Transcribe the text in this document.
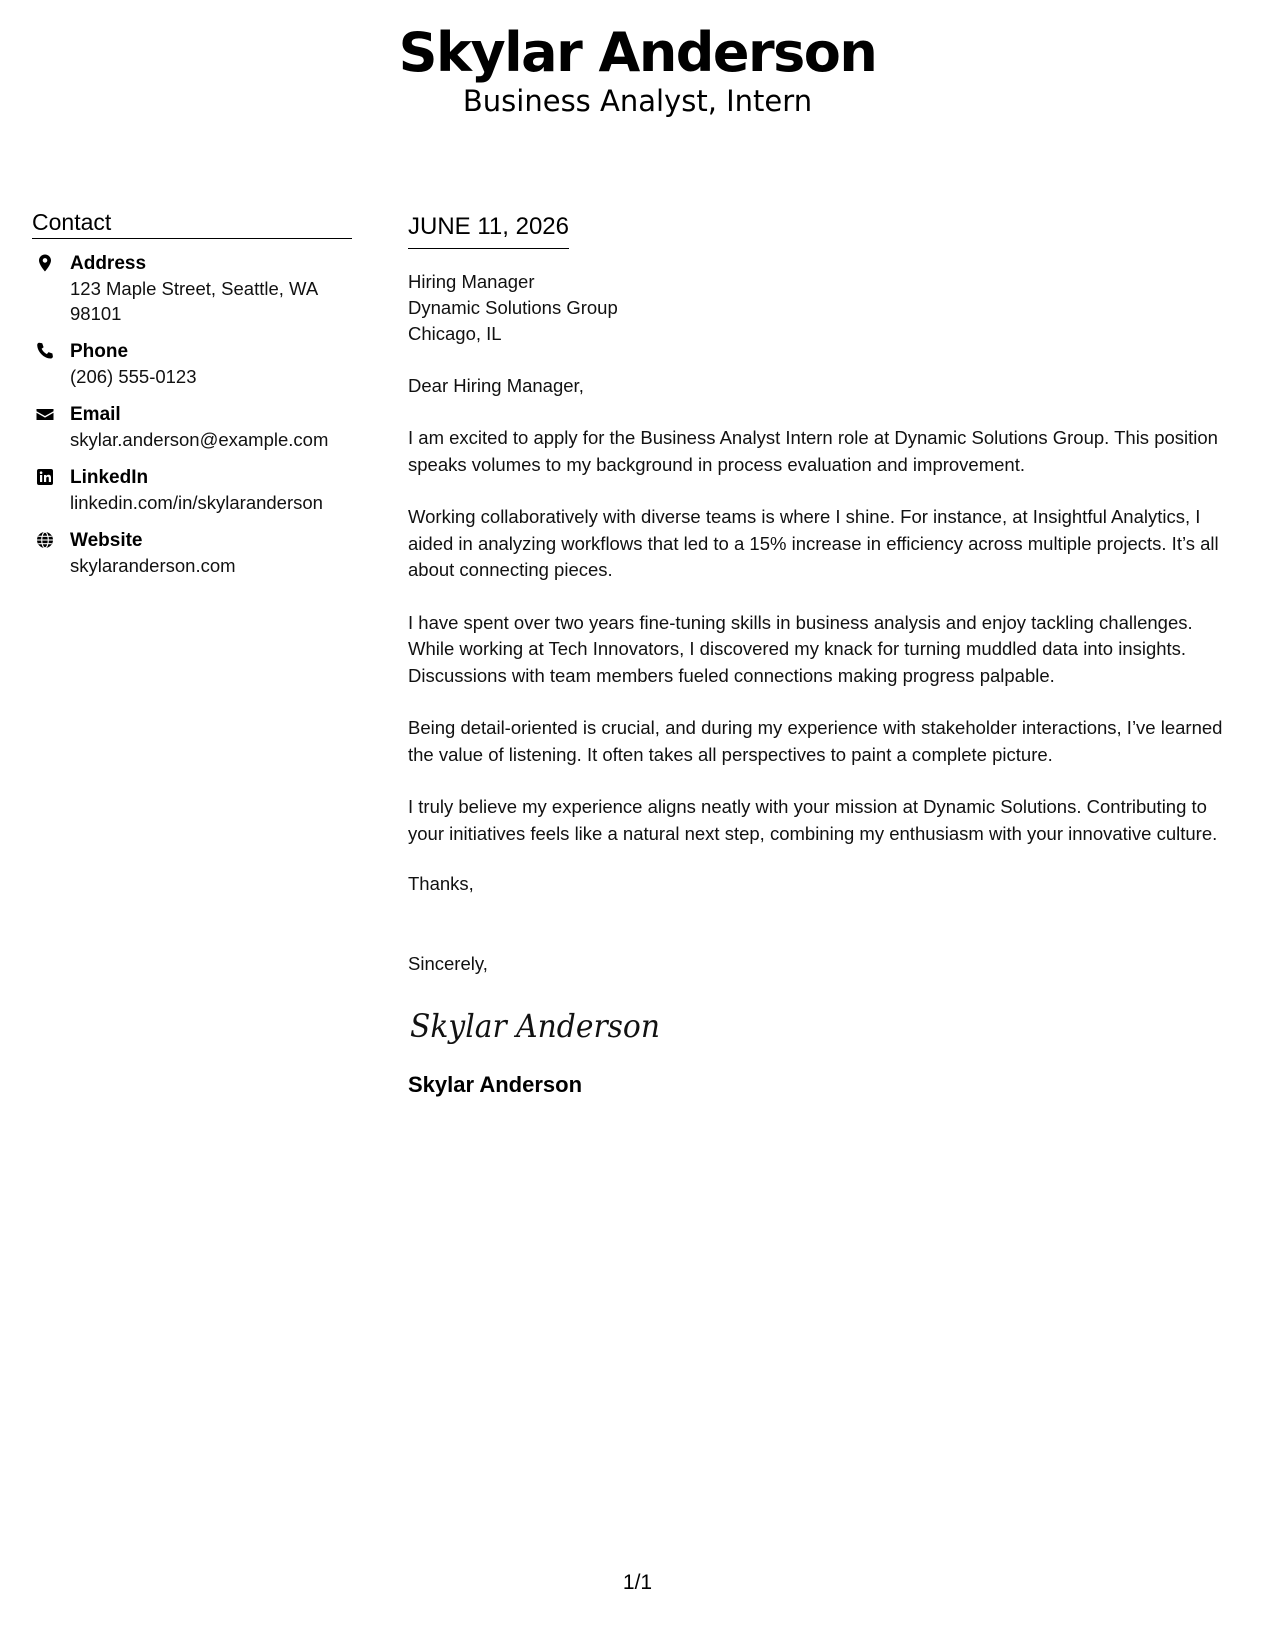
Skylar Anderson
Business Analyst, Intern
Contact
Address
123 Maple Street, Seattle, WA
98101
Phone
(206) 555-0123
Email
skylar.anderson@example.com
LinkedIn
linkedin.com/in/skylaranderson
Website
skylaranderson.com
JUNE 11, 2026
Hiring Manager
Dynamic Solutions Group
Chicago, IL
Dear Hiring Manager,
I am excited to apply for the Business Analyst Intern role at Dynamic Solutions Group. This position
speaks volumes to my background in process evaluation and improvement.
Working collaboratively with diverse teams is where I shine. For instance, at Insightful Analytics, I
aided in analyzing workflows that led to a 15% increase in efficiency across multiple projects. It’s all
about connecting pieces.
I have spent over two years fine-tuning skills in business analysis and enjoy tackling challenges.
While working at Tech Innovators, I discovered my knack for turning muddled data into insights.
Discussions with team members fueled connections making progress palpable.
Being detail-oriented is crucial, and during my experience with stakeholder interactions, I’ve learned
the value of listening. It often takes all perspectives to paint a complete picture.
I truly believe my experience aligns neatly with your mission at Dynamic Solutions. Contributing to
your initiatives feels like a natural next step, combining my enthusiasm with your innovative culture.
Thanks,
Sincerely,
Skylar Anderson
Skylar Anderson
1/1
